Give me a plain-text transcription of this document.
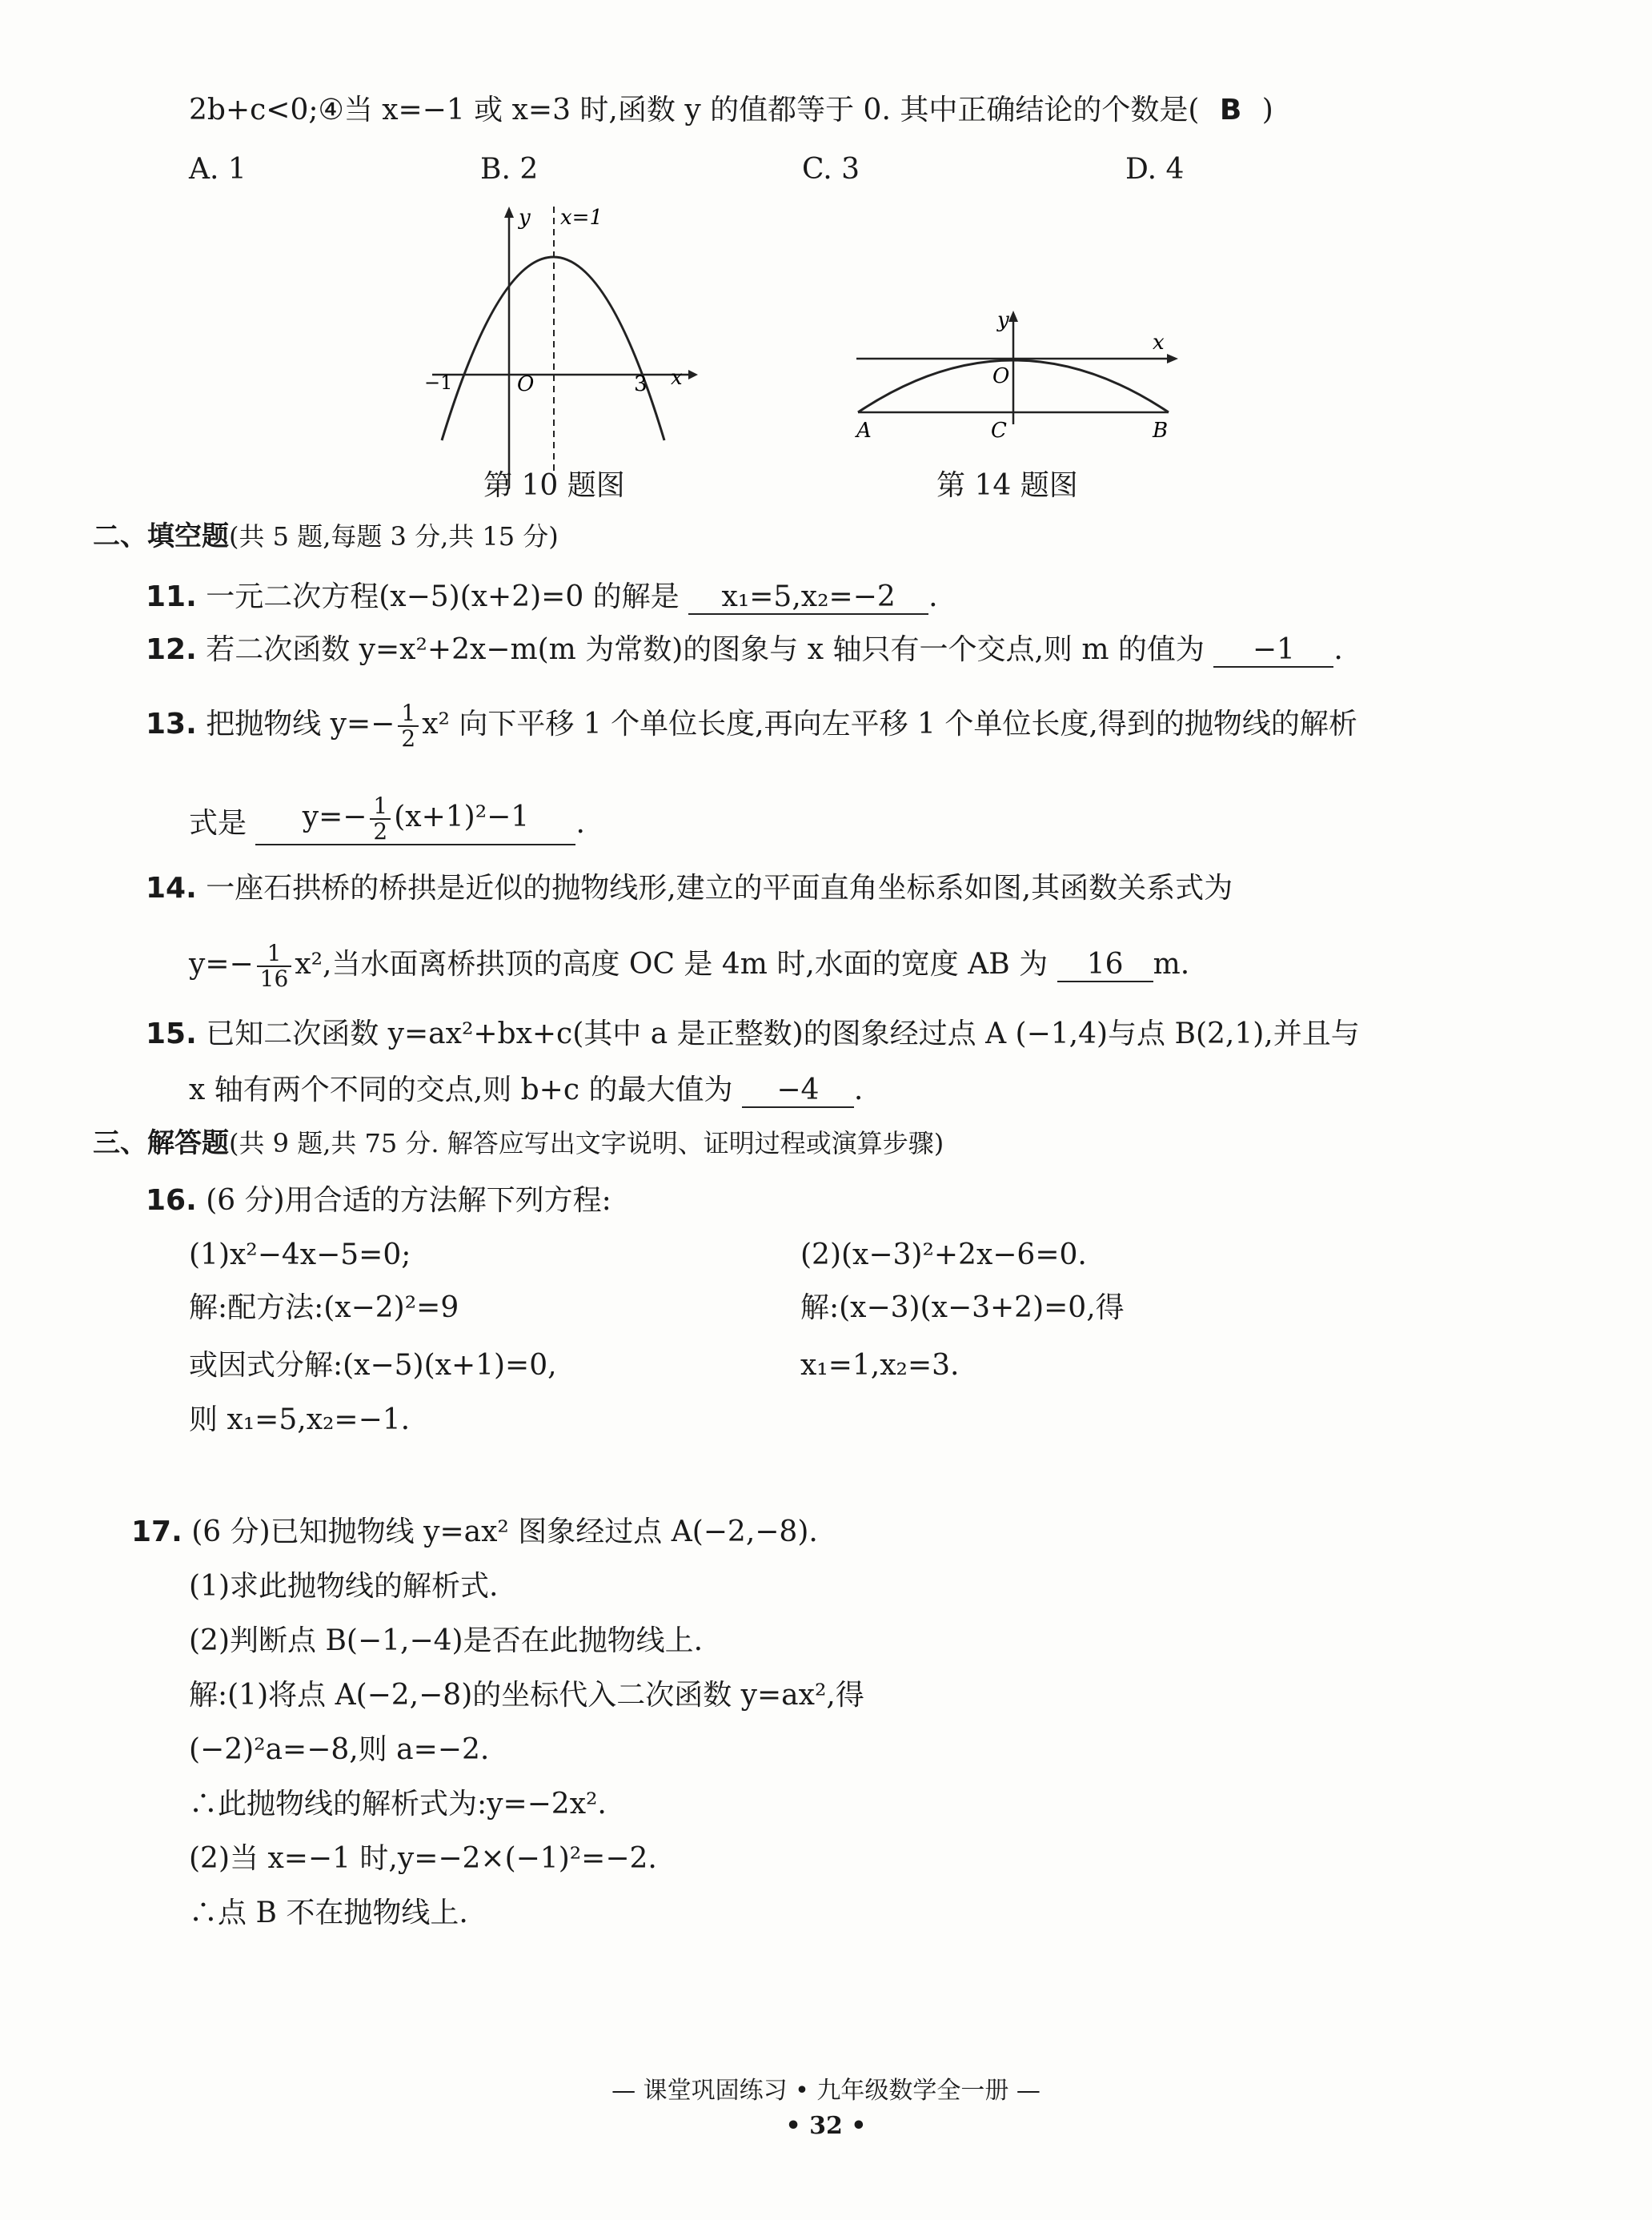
2b+c<0;④当 x=−1 或 x=3 时,函数 y 的值都等于 0. 其中正确结论的个数是( B )
A. 1	B. 2	C. 3	D. 4
y x=1
x
O
−1	3
第 10 题图
y
x
O
A	C	B
第 14 题图
二、填空题(共 5 题,每题 3 分,共 15 分)
11. 一元二次方程(x−5)(x+2)=0 的解是 x₁=5,x₂=−2 .
12. 若二次函数 y=x²+2x−m(m 为常数)的图象与 x 轴只有一个交点,则 m 的值为 −1 .
13. 把抛物线 $y=- \frac{1}{2} x^2$ 向下平移 1 个单位长度,再向左平移 1 个单位长度,得到的抛物线的解析
式是 $y=- \frac{1}{2} (x+1)^2-1$ .
14. 一座石拱桥的桥拱是近似的抛物线形,建立的平面直角坐标系如图,其函数关系式为
$y=- \frac{1}{16} x^2$,当水面离桥拱顶的高度 OC 是 4m 时,水面的宽度 AB 为 16 m.
15. 已知二次函数 y=ax²+bx+c(其中 a 是正整数)的图象经过点 A (−1,4)与点 B(2,1),并且与
x 轴有两个不同的交点,则 b+c 的最大值为 −4 .
三、解答题(共 9 题,共 75 分. 解答应写出文字说明、证明过程或演算步骤)
16. (6 分)用合适的方法解下列方程:
(1)x²−4x−5=0;	(2)(x−3)²+2x−6=0.
解:配方法:(x−2)²=9	解:(x−3)(x−3+2)=0,得
或因式分解:(x−5)(x+1)=0,	x₁=1,x₂=3.
则 x₁=5,x₂=−1.
17. (6 分)已知抛物线 y=ax² 图象经过点 A(−2,−8).
(1)求此抛物线的解析式.
(2)判断点 B(−1,−4)是否在此抛物线上.
解:(1)将点 A(−2,−8)的坐标代入二次函数 y=ax²,得
(−2)²a=−8,则 a=−2.
∴此抛物线的解析式为:y=−2x².
(2)当 x=−1 时,y=−2×(−1)²=−2.
∴点 B 不在抛物线上.
— 课堂巩固练习 • 九年级数学全一册 —
• 32 •
